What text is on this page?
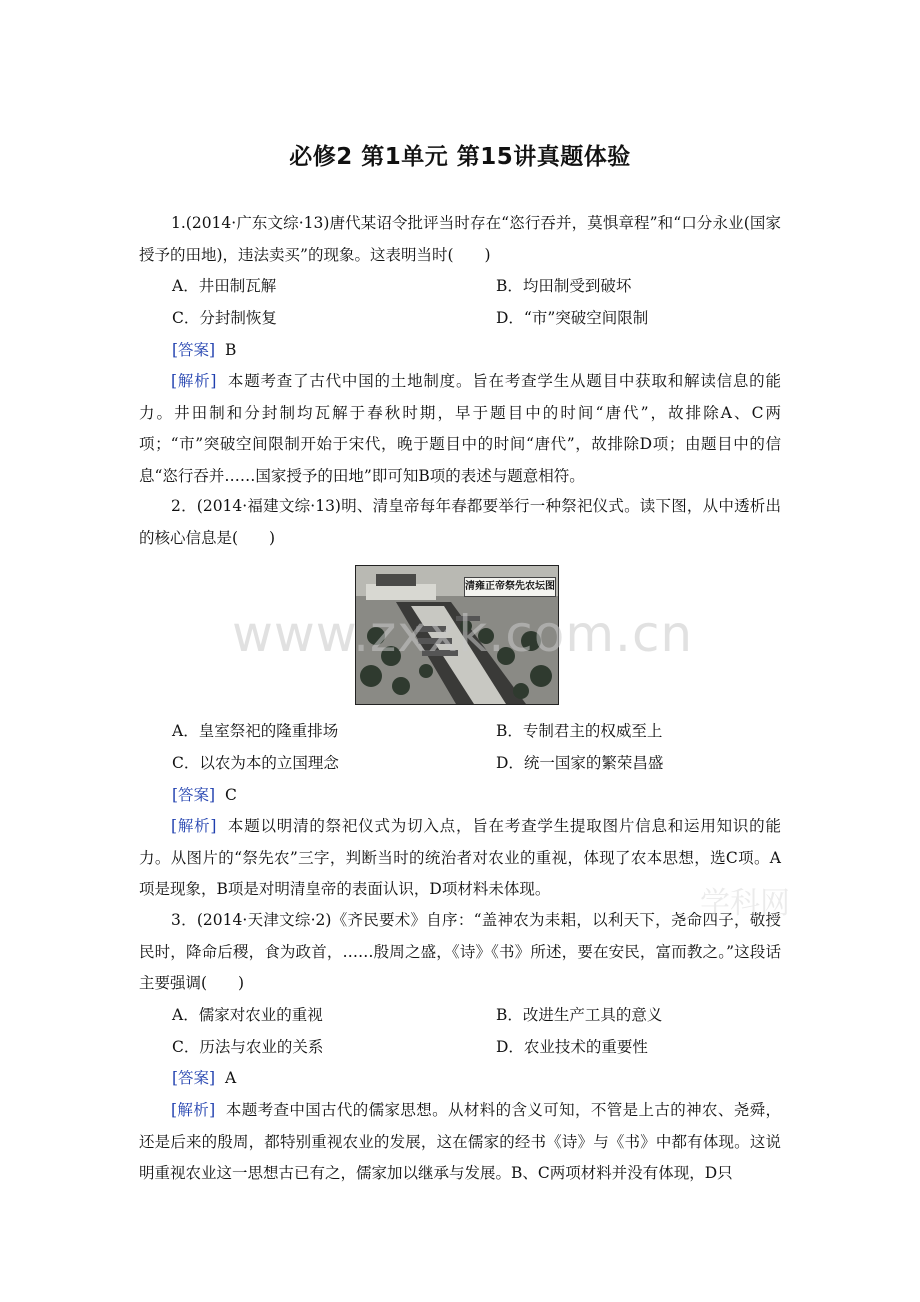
必修2 第1单元 第15讲真题体验

1.(2014·广东文综·13)唐代某诏令批评当时存在“恣行吞并，莫惧章程”和“口分永业(国家授予的田地)，违法卖买”的现象。这表明当时(　　)

A．井田制瓦解	B．均田制受到破坏
C．分封制恢复	D．“市”突破空间限制
[答案] B

[解析] 本题考查了古代中国的土地制度。旨在考查学生从题目中获取和解读信息的能力。井田制和分封制均瓦解于春秋时期，早于题目中的时间“唐代”，故排除A、C两项；“市”突破空间限制开始于宋代，晚于题目中的时间“唐代”，故排除D项；由题目中的信息“恣行吞并……国家授予的田地”即可知B项的表述与题意相符。

2．(2014·福建文综·13)明、清皇帝每年春都要举行一种祭祀仪式。读下图，从中透析出的核心信息是(　　)

清雍正帝祭先农坛图
A．皇室祭祀的隆重排场	B．专制君主的权威至上
C．以农为本的立国理念	D．统一国家的繁荣昌盛
[答案] C

[解析] 本题以明清的祭祀仪式为切入点，旨在考查学生提取图片信息和运用知识的能力。从图片的“祭先农”三字，判断当时的统治者对农业的重视，体现了农本思想，选C项。A项是现象，B项是对明清皇帝的表面认识，D项材料未体现。

3．(2014·天津文综·2)《齐民要术》自序：“盖神农为耒耜，以利天下，尧命四子，敬授民时，降命后稷，食为政首，……殷周之盛，《诗》《书》所述，要在安民，富而教之。”这段话主要强调(　　)

A．儒家对农业的重视	B．改进生产工具的意义
C．历法与农业的关系	D．农业技术的重要性
[答案] A

[解析] 本题考查中国古代的儒家思想。从材料的含义可知，不管是上古的神农、尧舜，还是后来的殷周，都特别重视农业的发展，这在儒家的经书《诗》与《书》中都有体现。这说明重视农业这一思想古已有之，儒家加以继承与发展。B、C两项材料并没有体现，D只

www.zxxk.com.cn
学科网
